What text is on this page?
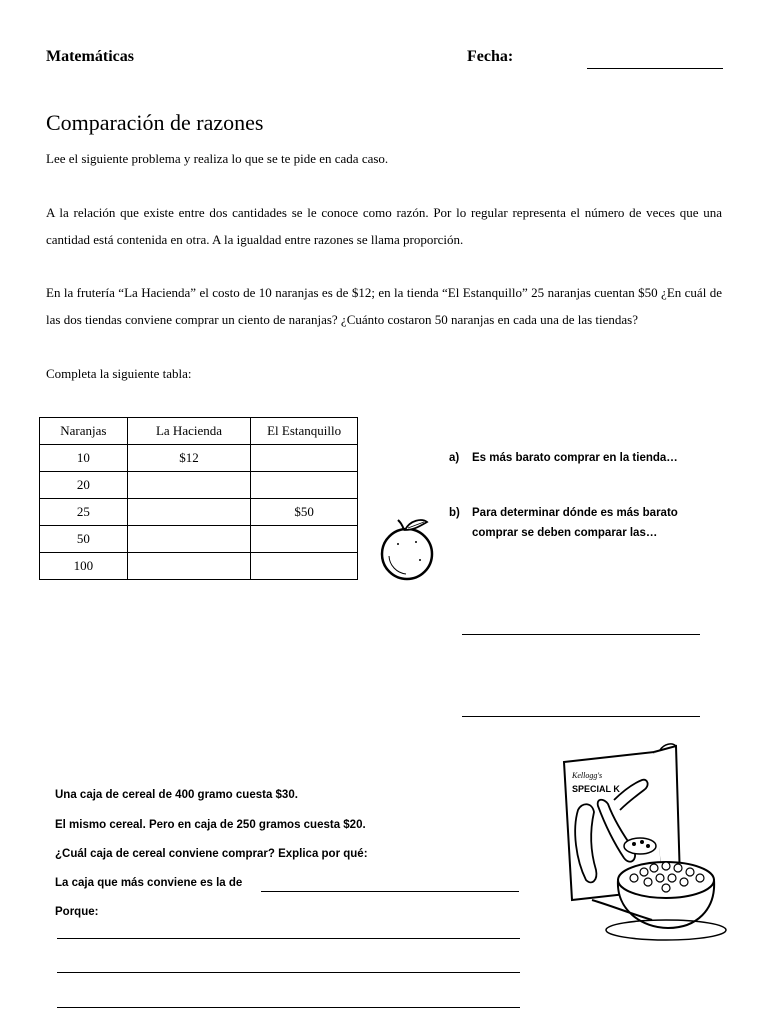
Matemáticas	Fecha:
Comparación de razones
Lee el siguiente problema y realiza lo que se te pide en cada caso.
A la relación que existe entre dos cantidades se le conoce como razón. Por lo regular representa el número de veces que una cantidad está contenida en otra. A la igualdad entre razones se llama proporción.
En la frutería “La Hacienda” el costo de 10 naranjas es de $12; en la tienda “El Estanquillo” 25 naranjas cuentan $50 ¿En cuál de las dos tiendas conviene comprar un ciento de naranjas? ¿Cuánto costaron 50 naranjas en cada una de las tiendas?
Completa la siguiente tabla:
Naranjas	La Hacienda	El Estanquillo
10	$12	
20		
25		$50
50		
100		
a) Es más barato comprar en la tienda…
b) Para determinar dónde es más barato comprar se deben comparar las…
Una caja de cereal de 400 gramo cuesta $30.
El mismo cereal. Pero en caja de 250 gramos cuesta $20.
¿Cuál caja de cereal conviene comprar? Explica por qué:
La caja que más conviene es la de
Porque:
Kellogg's
SPECIAL K
